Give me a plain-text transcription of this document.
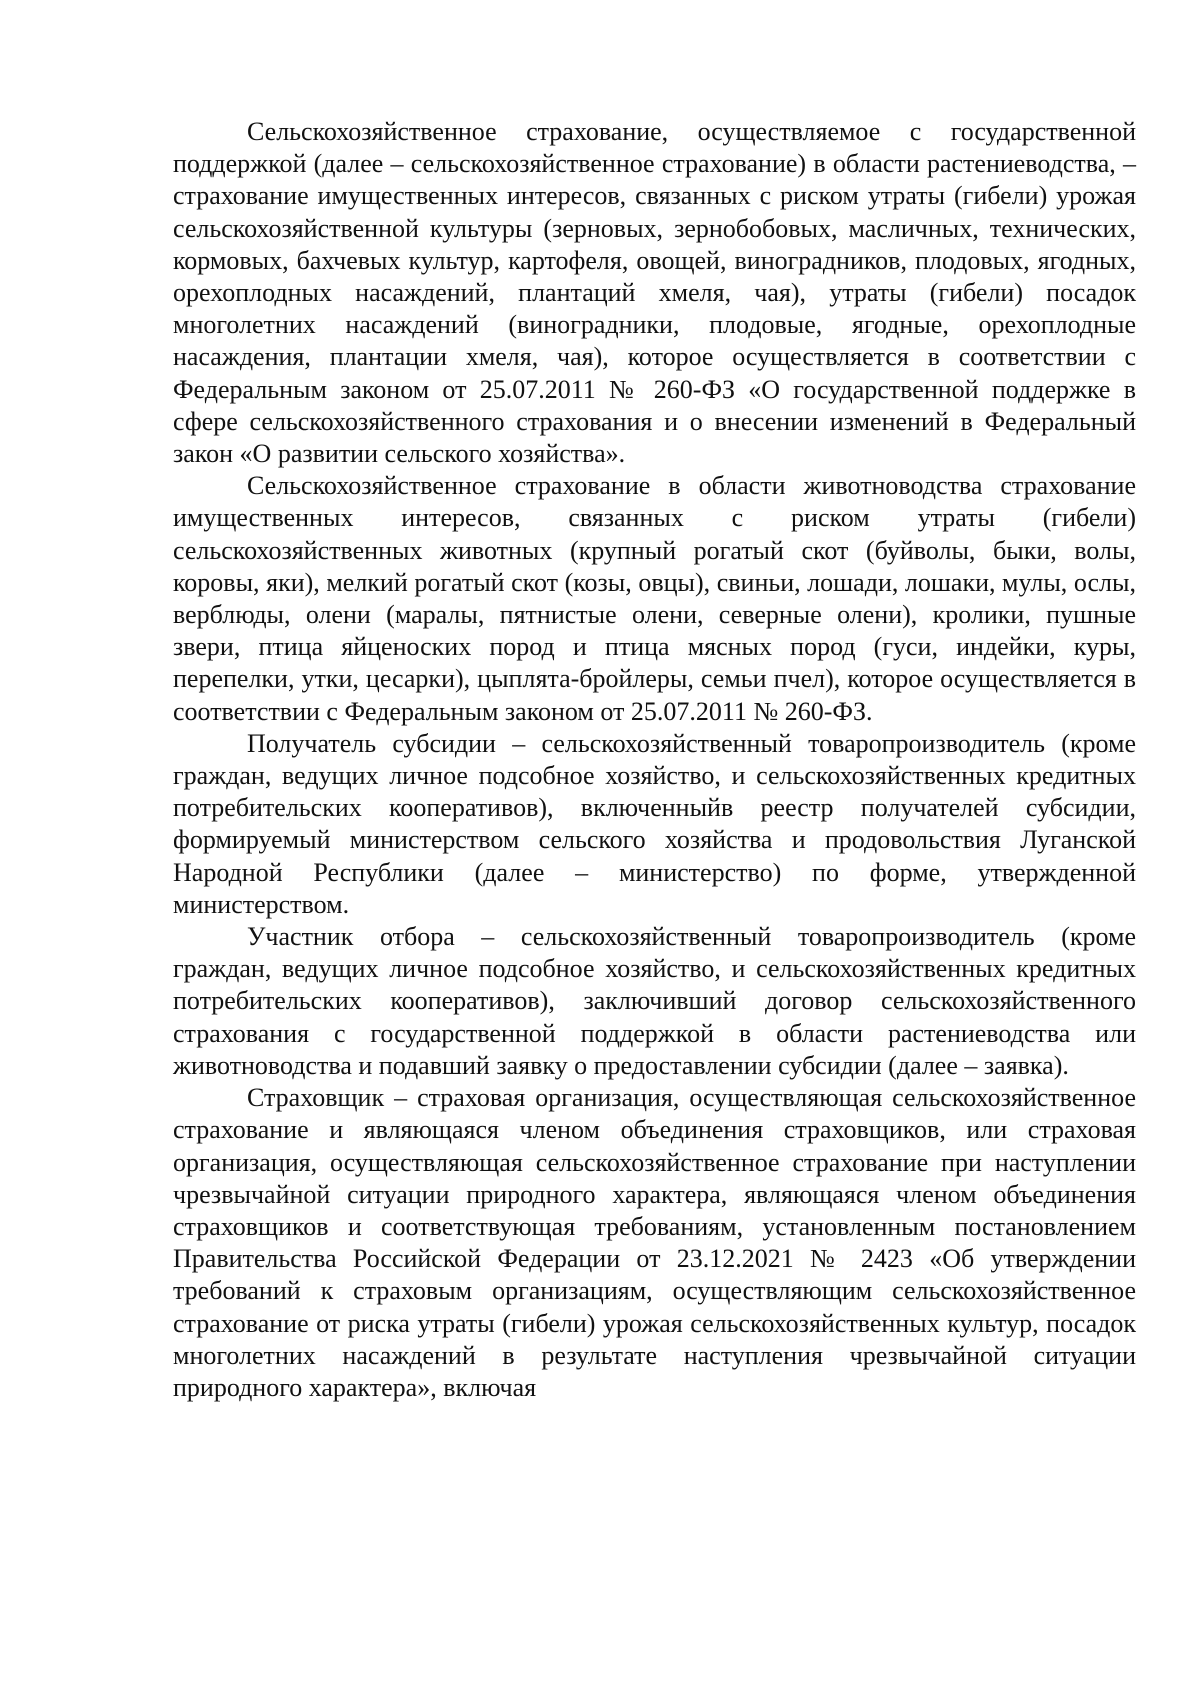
Сельскохозяйственное страхование, осуществляемое с государственной поддержкой (далее – сельскохозяйственное страхование) в области растениеводства, – страхование имущественных интересов, связанных с риском утраты (гибели) урожая сельскохозяйственной культуры (зерновых, зернобобовых, масличных, технических, кормовых, бахчевых культур, картофеля, овощей, виноградников, плодовых, ягодных, орехоплодных насаждений, плантаций хмеля, чая), утраты (гибели) посадок многолетних насаждений (виноградники, плодовые, ягодные, орехоплодные насаждения, плантации хмеля, чая), которое осуществляется в соответствии с Федеральным законом от 25.07.2011 № 260-ФЗ «О государственной поддержке в сфере сельскохозяйственного страхования и о внесении изменений в Федеральный закон «О развитии сельского хозяйства».

Сельскохозяйственное страхование в области животноводства страхование имущественных интересов, связанных с риском утраты (гибели) сельскохозяйственных животных (крупный рогатый скот (буйволы, быки, волы, коровы, яки), мелкий рогатый скот (козы, овцы), свиньи, лошади, лошаки, мулы, ослы, верблюды, олени (маралы, пятнистые олени, северные олени), кролики, пушные звери, птица яйценоских пород и птица мясных пород (гуси, индейки, куры, перепелки, утки, цесарки), цыплята-бройлеры, семьи пчел), которое осуществляется в соответствии с Федеральным законом от 25.07.2011 № 260-ФЗ.

Получатель субсидии – сельскохозяйственный товаропроизводитель (кроме граждан, ведущих личное подсобное хозяйство, и сельскохозяйственных кредитных потребительских кооперативов), включенныйв реестр получателей субсидии, формируемый министерством сельского хозяйства и продовольствия Луганской Народной Республики (далее – министерство) по форме, утвержденной министерством.

Участник отбора – сельскохозяйственный товаропроизводитель (кроме граждан, ведущих личное подсобное хозяйство, и сельскохозяйственных кредитных потребительских кооперативов), заключивший договор сельскохозяйственного страхования с государственной поддержкой в области растениеводства или животноводства и подавший заявку о предоставлении субсидии (далее – заявка).

Страховщик – страховая организация, осуществляющая сельскохозяйственное страхование и являющаяся членом объединения страховщиков, или страховая организация, осуществляющая сельскохозяйственное страхование при наступлении чрезвычайной ситуации природного характера, являющаяся членом объединения страховщиков и соответствующая требованиям, установленным постановлением Правительства Российской Федерации от 23.12.2021 № 2423 «Об утверждении требований к страховым организациям, осуществляющим сельскохозяйственное страхование от риска утраты (гибели) урожая сельскохозяйственных культур, посадок многолетних насаждений в результате наступления чрезвычайной ситуации природного характера», включая
